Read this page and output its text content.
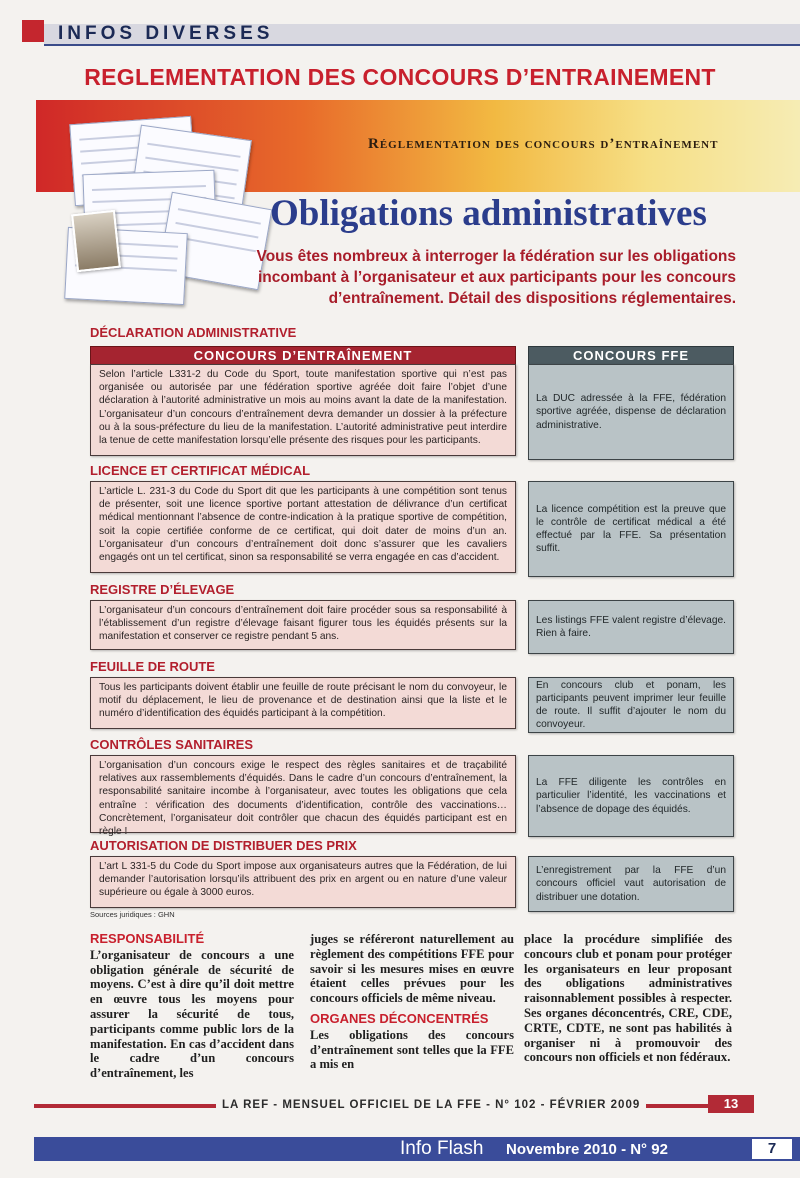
INFOS DIVERSES
REGLEMENTATION DES CONCOURS D’ENTRAINEMENT
Réglementation des concours d’entraînement
Obligations administratives
Vous êtes nombreux à interroger la fédération sur les obligations incombant à l’organisateur et aux participants pour les concours d’entraînement. Détail des dispositions réglementaires.
DÉCLARATION ADMINISTRATIVE
CONCOURS D’ENTRAÎNEMENT	CONCOURS FFE
Selon l’article L331-2 du Code du Sport, toute manifestation sportive qui n’est pas organisée ou autorisée par une fédération sportive agréée doit faire l’objet d’une déclaration à l’autorité administrative un mois au moins avant la date de la manifestation. L’organisateur d’un concours d’entraînement devra demander un dossier à la préfecture ou à la sous-préfecture du lieu de la manifestation. L’autorité administrative peut interdire la tenue de cette manifestation lorsqu’elle présente des risques pour les participants.
La DUC adressée à la FFE, fédération sportive agréée, dispense de déclaration administrative.
LICENCE ET CERTIFICAT MÉDICAL
L’article L. 231-3 du Code du Sport dit que les participants à une compétition sont tenus de présenter, soit une licence sportive portant attestation de délivrance d’un certificat médical mentionnant l’absence de contre-indication à la pratique sportive de compétition, soit la copie certifiée conforme de ce certificat, qui doit dater de moins d’un an. L’organisateur d’un concours d’entraînement doit donc s’assurer que les cavaliers engagés ont un tel certificat, sinon sa responsabilité se verra engagée en cas d’accident.
La licence compétition est la preuve que le contrôle de certificat médical a été effectué par la FFE. Sa présentation suffit.
REGISTRE D’ÉLEVAGE
L’organisateur d’un concours d’entraînement doit faire procéder sous sa responsabilité à l’établissement d’un registre d’élevage faisant figurer tous les équidés présents sur la manifestation et conserver ce registre pendant 5 ans.
Les listings FFE valent registre d’élevage. Rien à faire.
FEUILLE DE ROUTE
Tous les participants doivent établir une feuille de route précisant le nom du convoyeur, le motif du déplacement, le lieu de provenance et de destination ainsi que la liste et le numéro d’identification des équidés participant à la compétition.
En concours club et ponam, les participants peuvent imprimer leur feuille de route. Il suffit d’ajouter le nom du convoyeur.
CONTRÔLES SANITAIRES
L’organisation d’un concours exige le respect des règles sanitaires et de traçabilité relatives aux rassemblements d’équidés. Dans le cadre d’un concours d’entraînement, la responsabilité sanitaire incombe à l’organisateur, avec toutes les obligations que cela entraîne : vérification des documents d’identification, contrôle des vaccinations… Concrètement, l’organisateur doit contrôler que chacun des équidés participant est en règle !
La FFE diligente les contrôles en particulier l’identité, les vaccinations et l’absence de dopage des équidés.
AUTORISATION DE DISTRIBUER DES PRIX
L’art L 331-5 du Code du Sport impose aux organisateurs autres que la Fédération, de lui demander l’autorisation lorsqu’ils attribuent des prix en argent ou en nature d’une valeur supérieure ou égale à 3000 euros.
L’enregistrement par la FFE d’un concours officiel vaut autorisation de distribuer une dotation.
Sources juridiques : GHN
RESPONSABILITÉ
L’organisateur de concours a une obligation générale de sécurité de moyens. C’est à dire qu’il doit mettre en œuvre tous les moyens pour assurer la sécurité de tous, participants comme public lors de la manifestation. En cas d’accident dans le cadre d’un concours d’entraînement, les
juges se référeront naturellement au règlement des compétitions FFE pour savoir si les mesures mises en œuvre étaient celles prévues pour les concours officiels de même niveau.
ORGANES DÉCONCENTRÉS
Les obligations des concours d’entraînement sont telles que la FFE a mis en
place la procédure simplifiée des concours club et ponam pour protéger les organisateurs en leur proposant des obligations administratives raisonnablement possibles à respecter. Ses organes déconcentrés, CRE, CDE, CRTE, CDTE, ne sont pas habilités à organiser ni à promouvoir des concours non officiels et non fédéraux.
LA REF - MENSUEL OFFICIEL DE LA FFE - N° 102 - FÉVRIER 2009	13
Info Flash Novembre 2010 - N° 92	7
